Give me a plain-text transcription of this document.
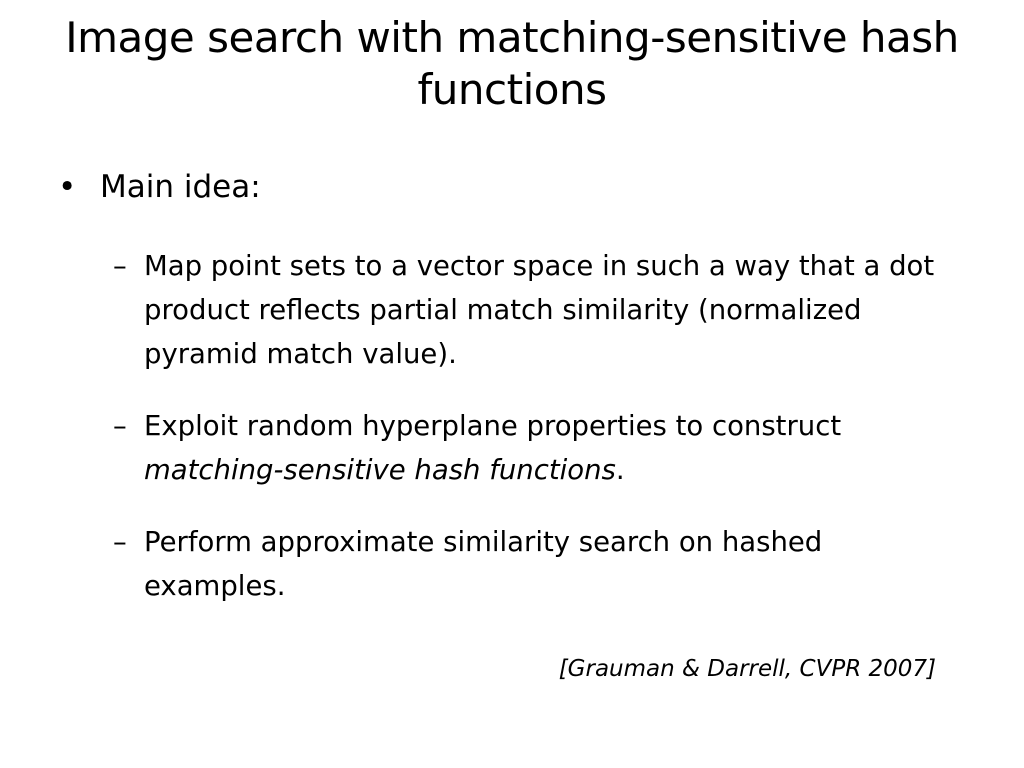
Image search with matching-sensitive hash functions

• Main idea:

– Map point sets to a vector space in such a way that a dot product reflects partial match similarity (normalized pyramid match value).

– Exploit random hyperplane properties to construct matching-sensitive hash functions.

– Perform approximate similarity search on hashed examples.

[Grauman & Darrell, CVPR 2007]
